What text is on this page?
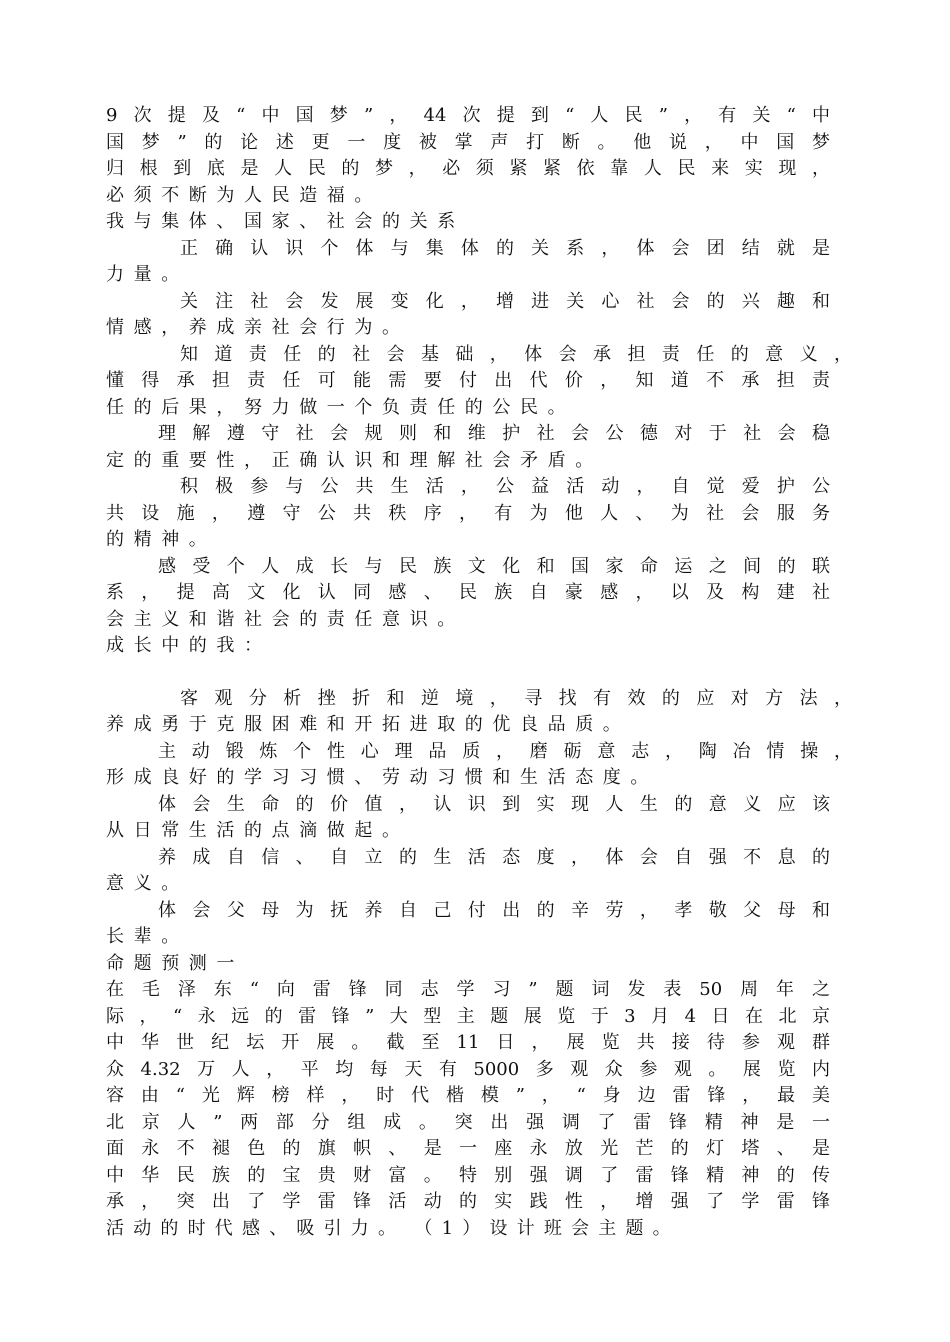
9次提及“中国梦”，44次提到“人民”，有关“中
国梦”的论述更一度被掌声打断。他说，中国梦
归根到底是人民的梦，必须紧紧依靠人民来实现，
必须不断为人民造福。
我与集体、国家、社会的关系
正确认识个体与集体的关系，体会团结就是
力量。
关注社会发展变化，增进关心社会的兴趣和
情感，养成亲社会行为。
知道责任的社会基础，体会承担责任的意义，
懂得承担责任可能需要付出代价，知道不承担责
任的后果，努力做一个负责任的公民。
理解遵守社会规则和维护社会公德对于社会稳
定的重要性，正确认识和理解社会矛盾。
积极参与公共生活，公益活动，自觉爱护公
共设施，遵守公共秩序，有为他人、为社会服务
的精神。
感受个人成长与民族文化和国家命运之间的联
系，提高文化认同感、民族自豪感，以及构建社
会主义和谐社会的责任意识。
成长中的我：
客观分析挫折和逆境，寻找有效的应对方法，
养成勇于克服困难和开拓进取的优良品质。
主动锻炼个性心理品质，磨砺意志，陶冶情操，
形成良好的学习习惯、劳动习惯和生活态度。
体会生命的价值，认识到实现人生的意义应该
从日常生活的点滴做起。
养成自信、自立的生活态度，体会自强不息的
意义。
体会父母为抚养自己付出的辛劳，孝敬父母和
长辈。
命题预测一
在毛泽东“向雷锋同志学习”题词发表50周年之
际，“永远的雷锋”大型主题展览于3月4日在北京
中华世纪坛开展。截至11日，展览共接待参观群
众4.32万人，平均每天有5000多观众参观。展览内
容由“光辉榜样，时代楷模”，“身边雷锋，最美
北京人”两部分组成。突出强调了雷锋精神是一
面永不褪色的旗帜、是一座永放光芒的灯塔、是
中华民族的宝贵财富。特别强调了雷锋精神的传
承，突出了学雷锋活动的实践性，增强了学雷锋
活动的时代感、吸引力。　（1）设计班会主题。
